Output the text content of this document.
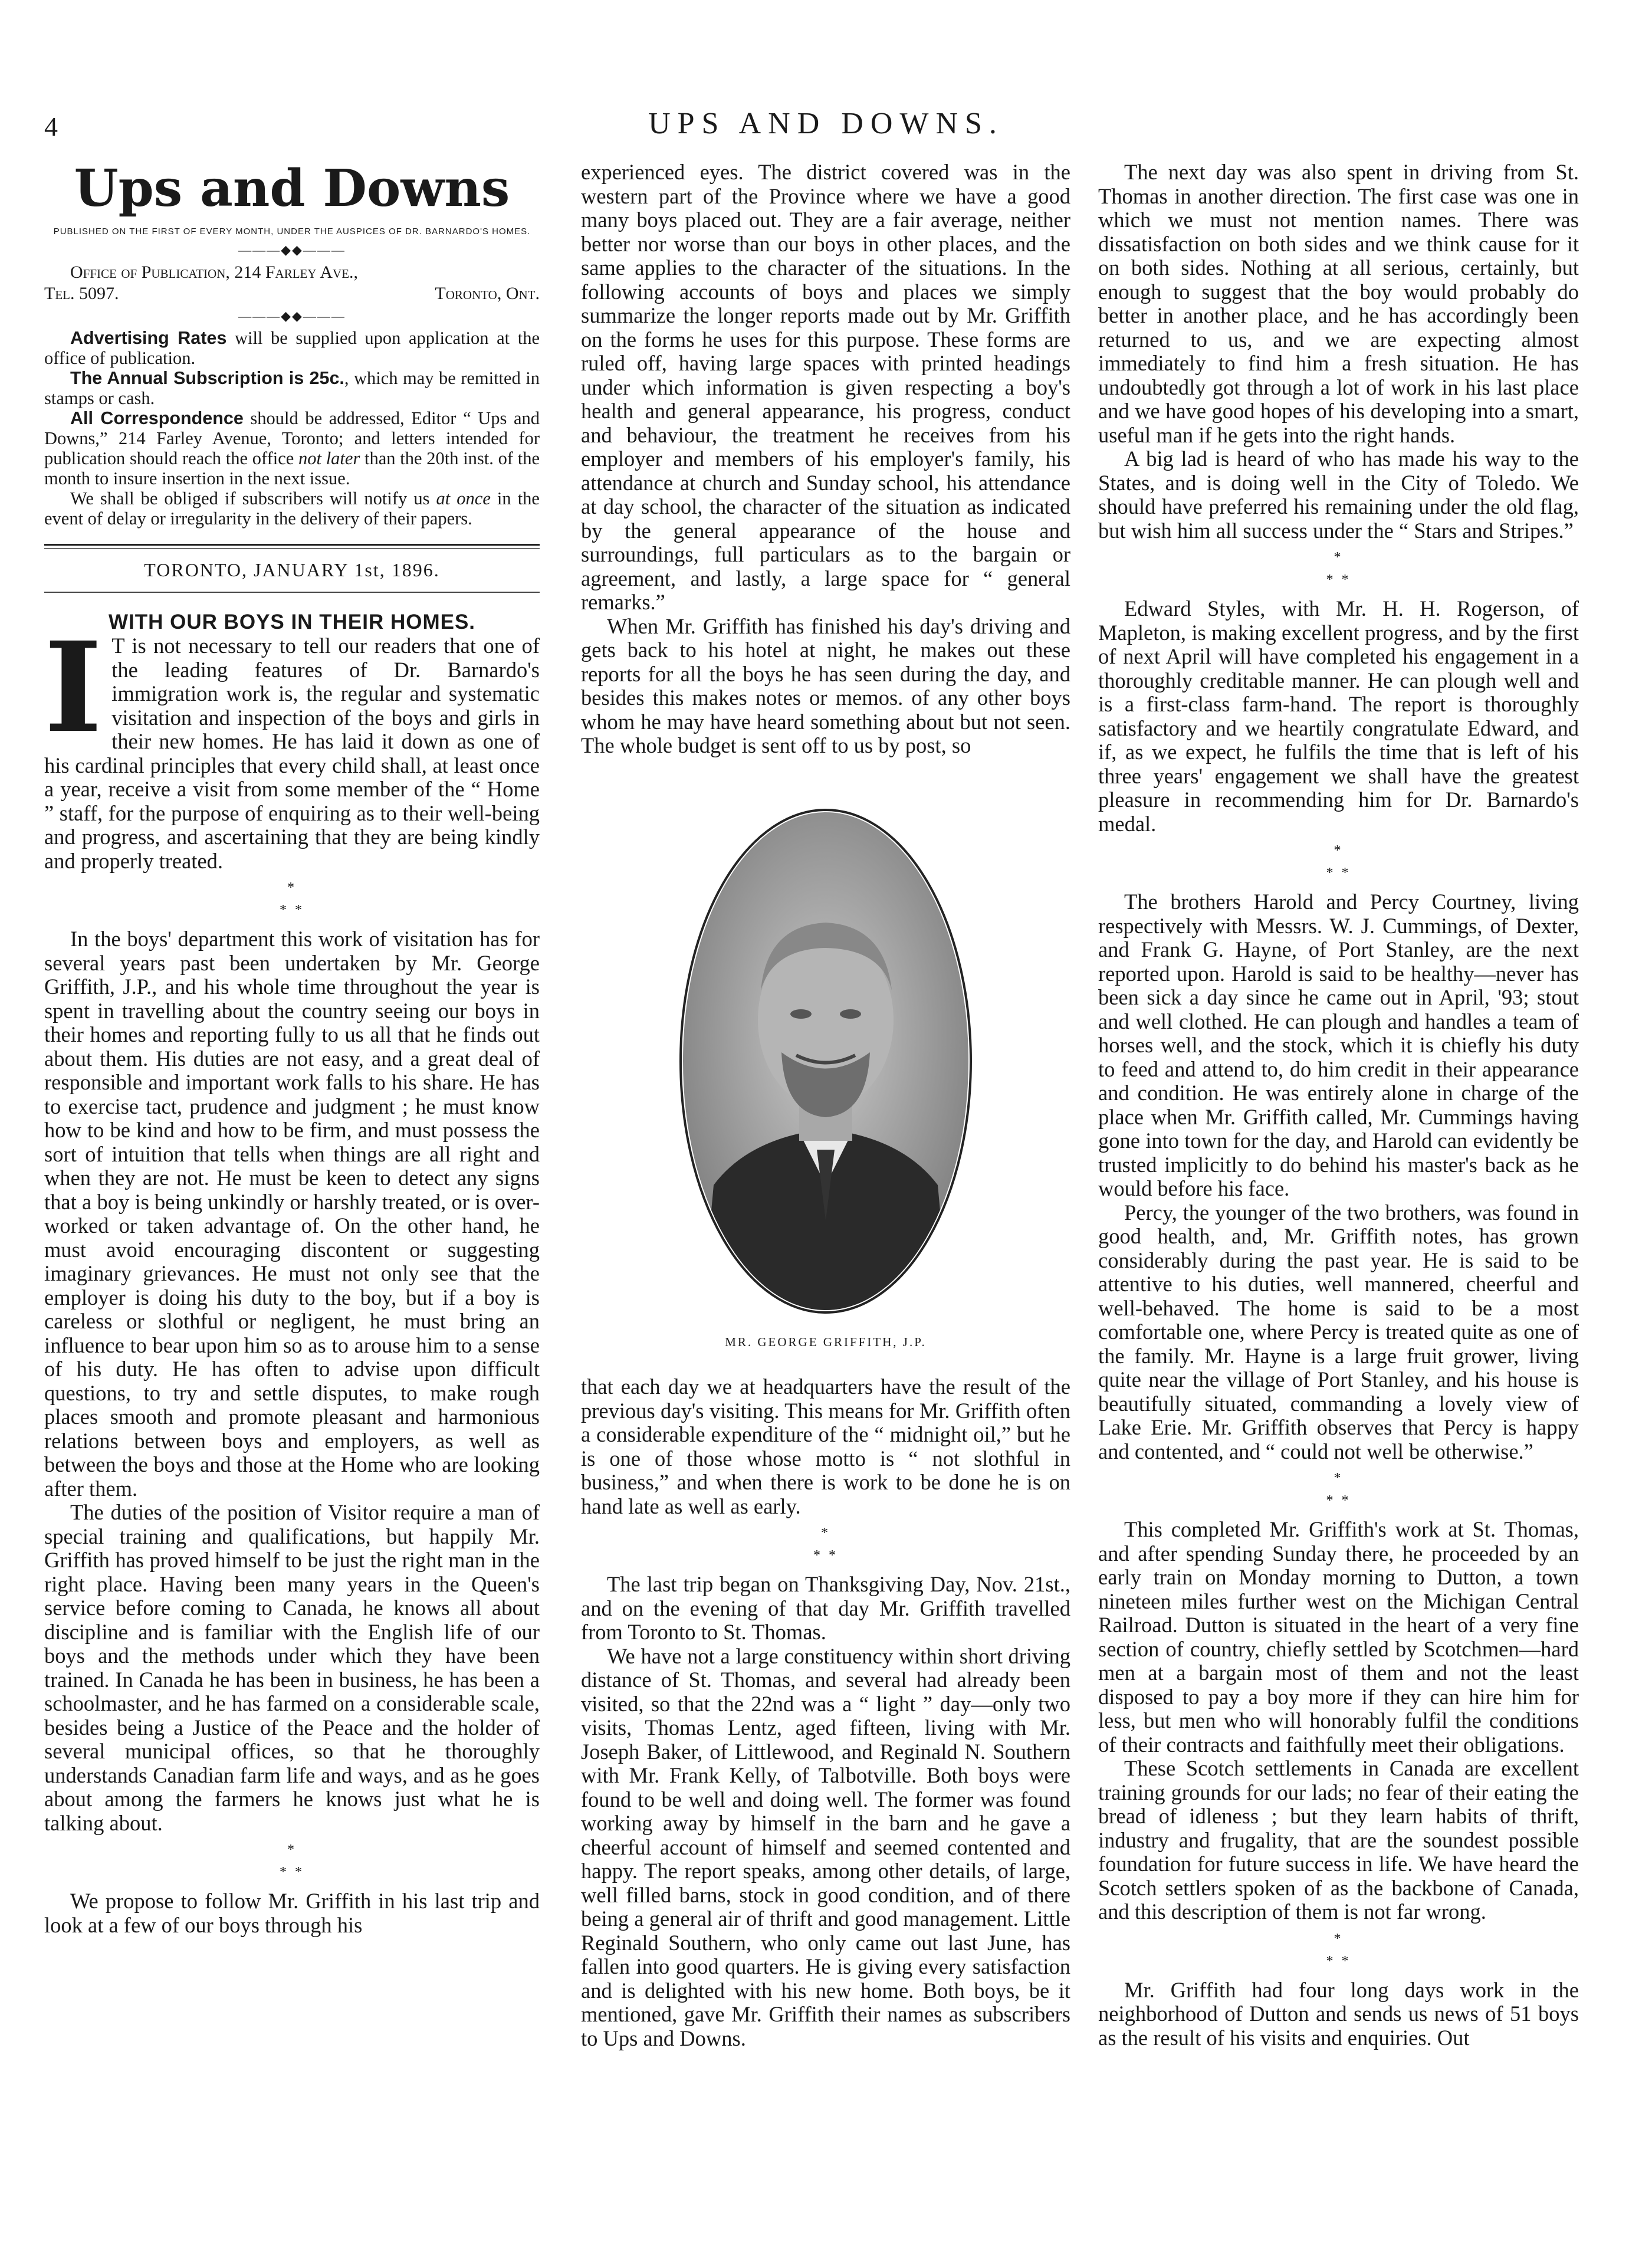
4	UPS AND DOWNS.
Ups and Downs

PUBLISHED ON THE FIRST OF EVERY MONTH, UNDER THE AUSPICES OF DR. BARNARDO'S HOMES.

———◆◆———

Office of Publication, 214 Farley Ave.,

Tel. 5097.	Toronto, Ont.
———◆◆———

Advertising Rates will be supplied upon application at the office of publication.

The Annual Subscription is 25c., which may be remitted in stamps or cash.

All Correspondence should be addressed, Editor “ Ups and Downs,” 214 Farley Avenue, Toronto; and letters intended for publication should reach the office not later than the 20th inst. of the month to insure insertion in the next issue.

We shall be obliged if subscribers will notify us at once in the event of delay or irregularity in the delivery of their papers.

TORONTO, JANUARY 1st, 1896.

WITH OUR BOYS IN THEIR HOMES.

I T is not necessary to tell our readers that one of the leading features of Dr. Barnardo's immigration work is, the regular and systematic visitation and inspection of the boys and girls in their new homes. He has laid it down as one of his cardinal principles that every child shall, at least once a year, receive a visit from some member of the “ Home ” staff, for the purpose of enquiring as to their well-being and progress, and ascertaining that they are being kindly and properly treated.

*
* *

In the boys' department this work of visitation has for several years past been undertaken by Mr. George Griffith, J.P., and his whole time throughout the year is spent in travelling about the country seeing our boys in their homes and reporting fully to us all that he finds out about them. His duties are not easy, and a great deal of responsible and important work falls to his share. He has to exercise tact, prudence and judgment ; he must know how to be kind and how to be firm, and must possess the sort of intuition that tells when things are all right and when they are not. He must be keen to detect any signs that a boy is being unkindly or harshly treated, or is over-worked or taken advantage of. On the other hand, he must avoid encouraging discontent or suggesting imaginary grievances. He must not only see that the employer is doing his duty to the boy, but if a boy is careless or slothful or negligent, he must bring an influence to bear upon him so as to arouse him to a sense of his duty. He has often to advise upon difficult questions, to try and settle disputes, to make rough places smooth and promote pleasant and harmonious relations between boys and employers, as well as between the boys and those at the Home who are looking after them.

The duties of the position of Visitor require a man of special training and qualifications, but happily Mr. Griffith has proved himself to be just the right man in the right place. Having been many years in the Queen's service before coming to Canada, he knows all about discipline and is familiar with the English life of our boys and the methods under which they have been trained. In Canada he has been in business, he has been a schoolmaster, and he has farmed on a considerable scale, besides being a Justice of the Peace and the holder of several municipal offices, so that he thoroughly understands Canadian farm life and ways, and as he goes about among the farmers he knows just what he is talking about.

*
* *

We propose to follow Mr. Griffith in his last trip and look at a few of our boys through his

experienced eyes. The district covered was in the western part of the Province where we have a good many boys placed out. They are a fair average, neither better nor worse than our boys in other places, and the same applies to the character of the situations. In the following accounts of boys and places we simply summarize the longer reports made out by Mr. Griffith on the forms he uses for this purpose. These forms are ruled off, having large spaces with printed headings under which information is given respecting a boy's health and general appearance, his progress, conduct and behaviour, the treatment he receives from his employer and members of his employer's family, his attendance at church and Sunday school, his attendance at day school, the character of the situation as indicated by the general appearance of the house and surroundings, full particulars as to the bargain or agreement, and lastly, a large space for “ general remarks.”

When Mr. Griffith has finished his day's driving and gets back to his hotel at night, he makes out these reports for all the boys he has seen during the day, and besides this makes notes or memos. of any other boys whom he may have heard something about but not seen. The whole budget is sent off to us by post, so

MR. GEORGE GRIFFITH, J.P.

that each day we at headquarters have the result of the previous day's visiting. This means for Mr. Griffith often a considerable expenditure of the “ midnight oil,” but he is one of those whose motto is “ not slothful in business,” and when there is work to be done he is on hand late as well as early.

*
* *

The last trip began on Thanksgiving Day, Nov. 21st., and on the evening of that day Mr. Griffith travelled from Toronto to St. Thomas.

We have not a large constituency within short driving distance of St. Thomas, and several had already been visited, so that the 22nd was a “ light ” day—only two visits, Thomas Lentz, aged fifteen, living with Mr. Joseph Baker, of Littlewood, and Reginald N. Southern with Mr. Frank Kelly, of Talbotville. Both boys were found to be well and doing well. The former was found working away by himself in the barn and he gave a cheerful account of himself and seemed contented and happy. The report speaks, among other details, of large, well filled barns, stock in good condition, and of there being a general air of thrift and good management. Little Reginald Southern, who only came out last June, has fallen into good quarters. He is giving every satisfaction and is delighted with his new home. Both boys, be it mentioned, gave Mr. Griffith their names as subscribers to Ups and Downs.

The next day was also spent in driving from St. Thomas in another direction. The first case was one in which we must not mention names. There was dissatisfaction on both sides and we think cause for it on both sides. Nothing at all serious, certainly, but enough to suggest that the boy would probably do better in another place, and he has accordingly been returned to us, and we are expecting almost immediately to find him a fresh situation. He has undoubtedly got through a lot of work in his last place and we have good hopes of his developing into a smart, useful man if he gets into the right hands.

A big lad is heard of who has made his way to the States, and is doing well in the City of Toledo. We should have preferred his remaining under the old flag, but wish him all success under the “ Stars and Stripes.”

*
* *

Edward Styles, with Mr. H. H. Rogerson, of Mapleton, is making excellent progress, and by the first of next April will have completed his engagement in a thoroughly creditable manner. He can plough well and is a first-class farm-hand. The report is thoroughly satisfactory and we heartily congratulate Edward, and if, as we expect, he fulfils the time that is left of his three years' engagement we shall have the greatest pleasure in recommending him for Dr. Barnardo's medal.

*
* *

The brothers Harold and Percy Courtney, living respectively with Messrs. W. J. Cummings, of Dexter, and Frank G. Hayne, of Port Stanley, are the next reported upon. Harold is said to be healthy—never has been sick a day since he came out in April, '93; stout and well clothed. He can plough and handles a team of horses well, and the stock, which it is chiefly his duty to feed and attend to, do him credit in their appearance and condition. He was entirely alone in charge of the place when Mr. Griffith called, Mr. Cummings having gone into town for the day, and Harold can evidently be trusted implicitly to do behind his master's back as he would before his face.

Percy, the younger of the two brothers, was found in good health, and, Mr. Griffith notes, has grown considerably during the past year. He is said to be attentive to his duties, well mannered, cheerful and well-behaved. The home is said to be a most comfortable one, where Percy is treated quite as one of the family. Mr. Hayne is a large fruit grower, living quite near the village of Port Stanley, and his house is beautifully situated, commanding a lovely view of Lake Erie. Mr. Griffith observes that Percy is happy and contented, and “ could not well be otherwise.”

*
* *

This completed Mr. Griffith's work at St. Thomas, and after spending Sunday there, he proceeded by an early train on Monday morning to Dutton, a town nineteen miles further west on the Michigan Central Railroad. Dutton is situated in the heart of a very fine section of country, chiefly settled by Scotchmen—hard men at a bargain most of them and not the least disposed to pay a boy more if they can hire him for less, but men who will honorably fulfil the conditions of their contracts and faithfully meet their obligations.

These Scotch settlements in Canada are excellent training grounds for our lads; no fear of their eating the bread of idleness ; but they learn habits of thrift, industry and frugality, that are the soundest possible foundation for future success in life. We have heard the Scotch settlers spoken of as the backbone of Canada, and this description of them is not far wrong.

*
* *

Mr. Griffith had four long days work in the neighborhood of Dutton and sends us news of 51 boys as the result of his visits and enquiries. Out
